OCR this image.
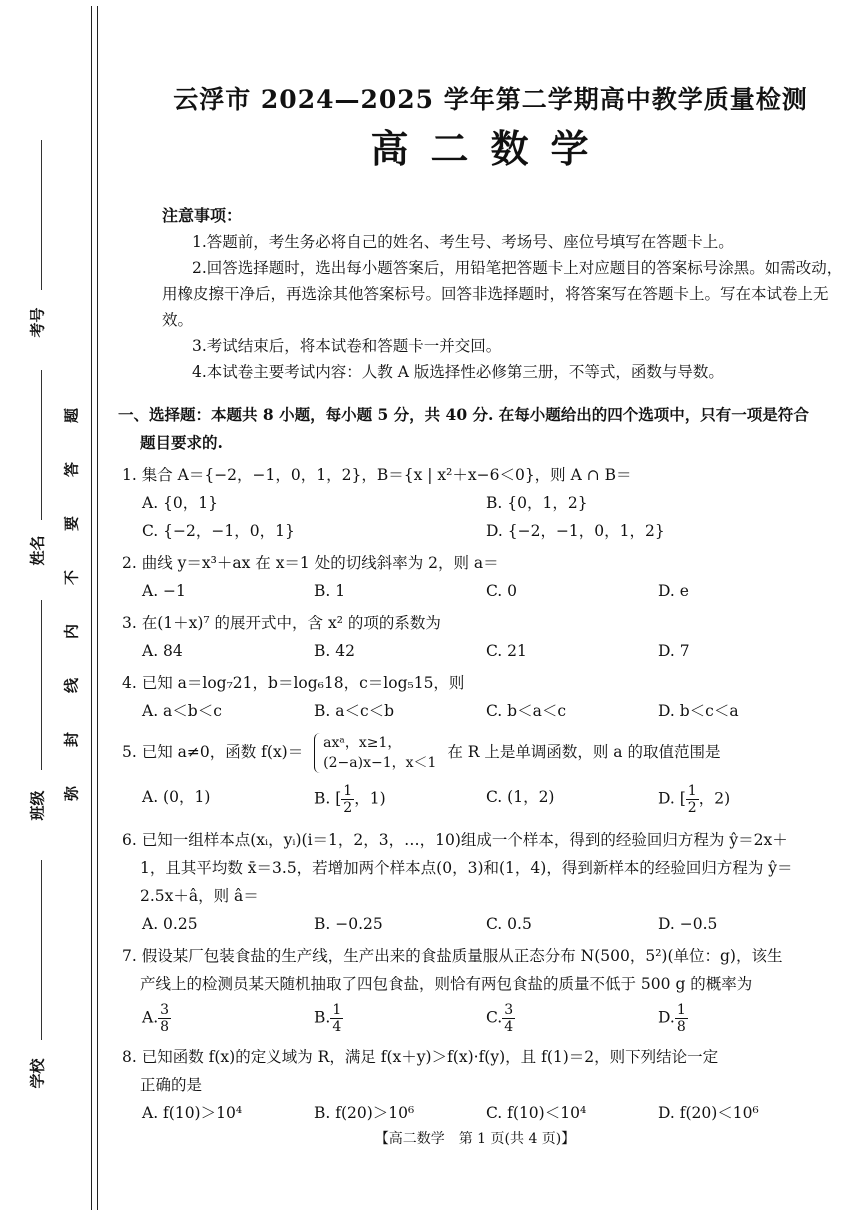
考号
姓名
班级
学校
题
答
要
不
内
线
封
弥
云浮市 2024—2025 学年第二学期高中教学质量检测
高二数学
注意事项：

1.答题前，考生务必将自己的姓名、考生号、考场号、座位号填写在答题卡上。

2.回答选择题时，选出每小题答案后，用铅笔把答题卡上对应题目的答案标号涂黑。如需改动，用橡皮擦干净后，再选涂其他答案标号。回答非选择题时，将答案写在答题卡上。写在本试卷上无效。

3.考试结束后，将本试卷和答题卡一并交回。

4.本试卷主要考试内容：人教 A 版选择性必修第三册，不等式，函数与导数。

一、选择题：本题共 8 小题，每小题 5 分，共 40 分. 在每小题给出的四个选项中，只有一项是符合
题目要求的.
1. 集合 A＝{−2，−1，0，1，2}，B＝{x | x²＋x−6＜0}，则 A ∩ B＝
A. {0，1}	B. {0，1，2}
C. {−2，−1，0，1}	D. {−2，−1，0，1，2}
2. 曲线 y＝x³＋ax 在 x＝1 处的切线斜率为 2，则 a＝
A. −1	B. 1	C. 0	D. e
3. 在(1＋x)⁷ 的展开式中，含 x² 的项的系数为
A. 84	B. 42	C. 21	D. 7
4. 已知 a＝log₇21，b＝log₆18，c＝log₅15，则
A. a＜b＜c	B. a＜c＜b	C. b＜a＜c	D. b＜c＜a
5. 已知 a≠0，函数 f(x)＝ axᵃ，x≥1，
(2−a)x−1，x＜1
在 R 上是单调函数，则 a 的取值范围是
A. (0，1)	B. [ $\frac{1}{2}$ ，1)	C. (1，2)	D. [ $\frac{1}{2}$ ，2)
6. 已知一组样本点(xᵢ，yᵢ)(i＝1，2，3，…，10)组成一个样本，得到的经验回归方程为 ŷ＝2x＋
1，且其平均数 x̄＝3.5，若增加两个样本点(0，3)和(1，4)，得到新样本的经验回归方程为 ŷ＝
2.5x＋â，则 â＝
A. 0.25	B. −0.25	C. 0.5	D. −0.5
7. 假设某厂包装食盐的生产线，生产出来的食盐质量服从正态分布 N(500，5²)(单位：g)，该生
产线上的检测员某天随机抽取了四包食盐，则恰有两包食盐的质量不低于 500 g 的概率为
A. $\frac{3}{8}$	B. $\frac{1}{4}$	C. $\frac{3}{4}$	D. $\frac{1}{8}$
8. 已知函数 f(x)的定义域为 R，满足 f(x＋y)＞f(x)·f(y)，且 f(1)＝2，则下列结论一定
正确的是
A. f(10)＞10⁴	B. f(20)＞10⁶	C. f(10)＜10⁴	D. f(20)＜10⁶
【高二数学　第 1 页(共 4 页)】
